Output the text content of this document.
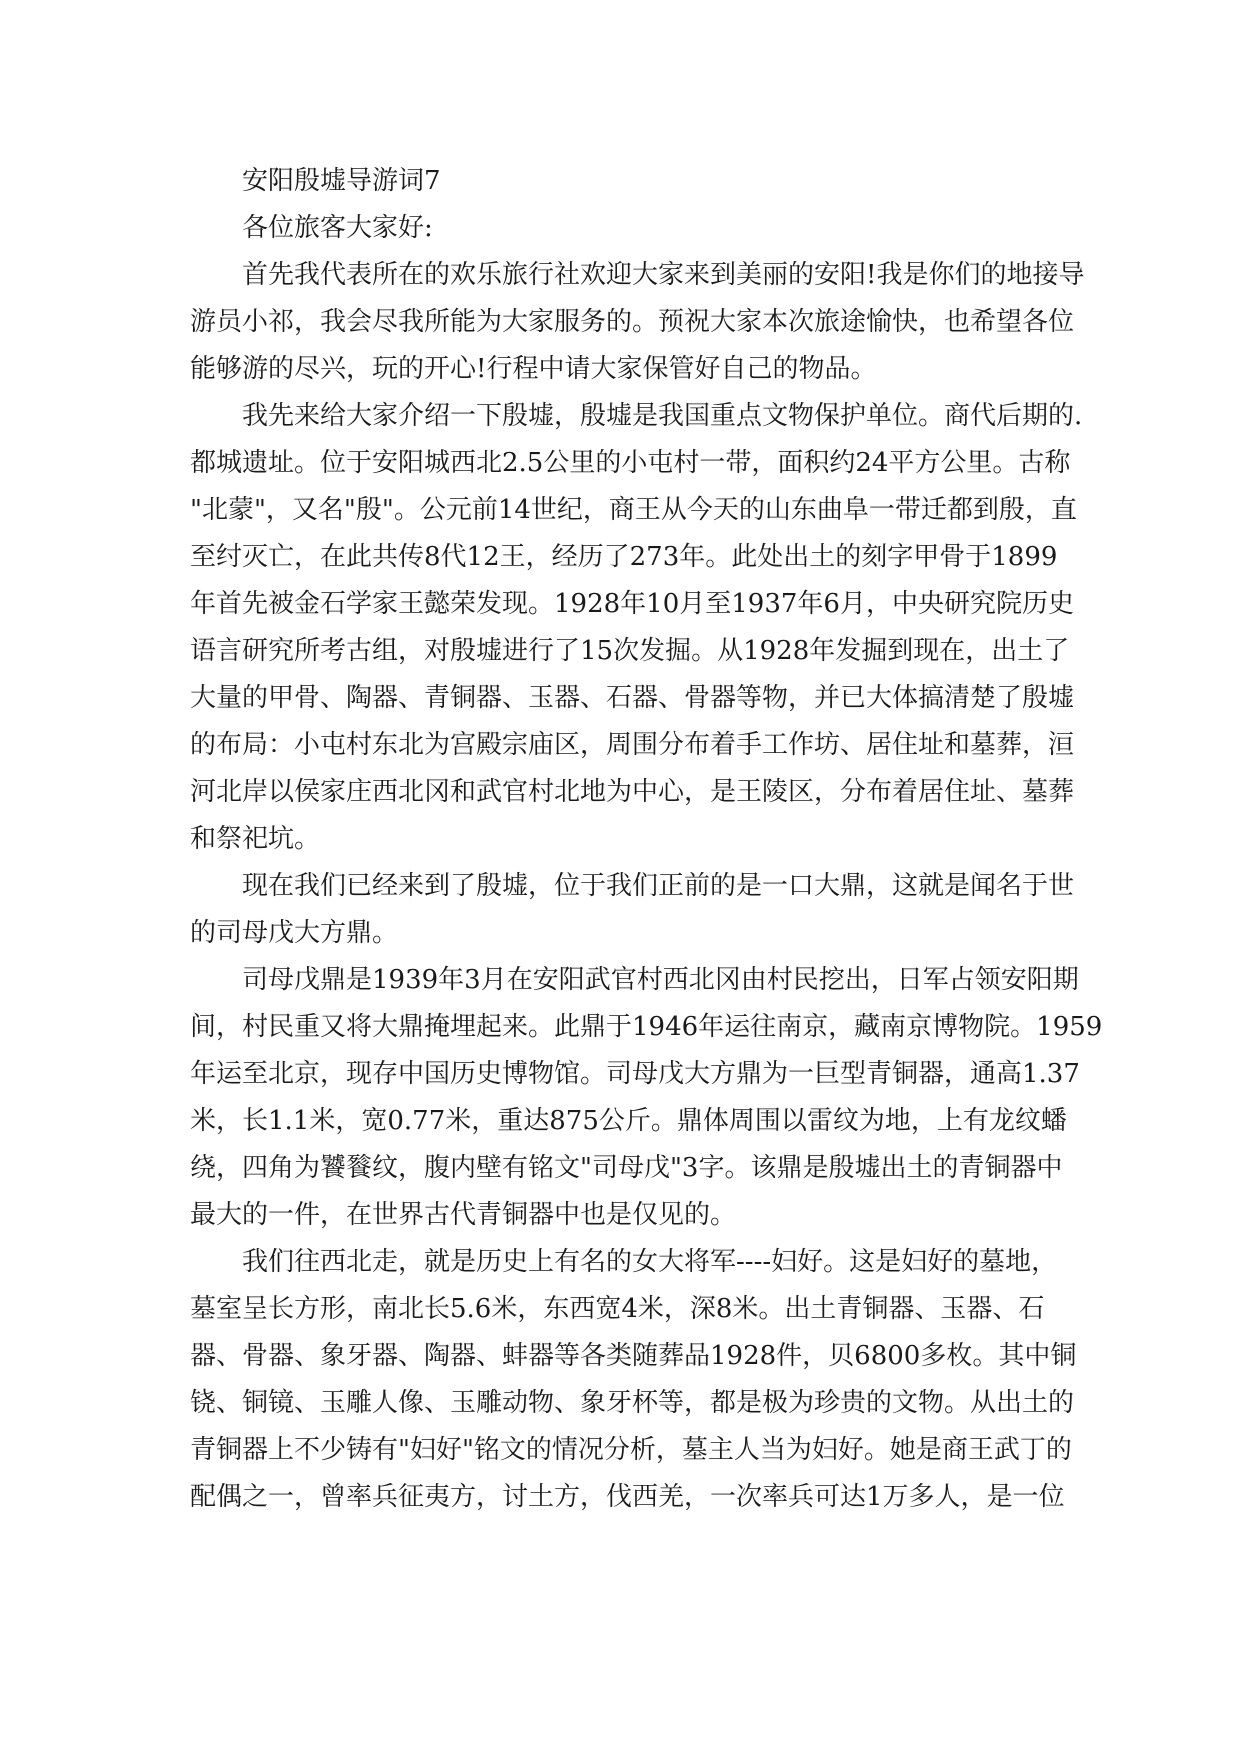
安阳殷墟导游词7

各位旅客大家好:

首先我代表所在的欢乐旅行社欢迎大家来到美丽的安阳!我是你们的地接导

游员小祁，我会尽我所能为大家服务的。预祝大家本次旅途愉快，也希望各位

能够游的尽兴，玩的开心!行程中请大家保管好自己的物品。

我先来给大家介绍一下殷墟，殷墟是我国重点文物保护单位。商代后期的.

都城遗址。位于安阳城西北2.5公里的小屯村一带，面积约24平方公里。古称

"北蒙"，又名"殷"。公元前14世纪，商王从今天的山东曲阜一带迁都到殷，直

至纣灭亡，在此共传8代12王，经历了273年。此处出土的刻字甲骨于1899

年首先被金石学家王懿荣发现。1928年10月至1937年6月，中央研究院历史

语言研究所考古组，对殷墟进行了15次发掘。从1928年发掘到现在，出土了

大量的甲骨、陶器、青铜器、玉器、石器、骨器等物，并已大体搞清楚了殷墟

的布局：小屯村东北为宫殿宗庙区，周围分布着手工作坊、居住址和墓葬，洹

河北岸以侯家庄西北冈和武官村北地为中心，是王陵区，分布着居住址、墓葬

和祭祀坑。

现在我们已经来到了殷墟，位于我们正前的是一口大鼎，这就是闻名于世

的司母戊大方鼎。

司母戊鼎是1939年3月在安阳武官村西北冈由村民挖出，日军占领安阳期

间，村民重又将大鼎掩埋起来。此鼎于1946年运往南京，藏南京博物院。1959

年运至北京，现存中国历史博物馆。司母戊大方鼎为一巨型青铜器，通高1.37

米，长1.1米，宽0.77米，重达875公斤。鼎体周围以雷纹为地，上有龙纹蟠

绕，四角为饕餮纹，腹内壁有铭文"司母戊"3字。该鼎是殷墟出土的青铜器中

最大的一件，在世界古代青铜器中也是仅见的。

我们往西北走，就是历史上有名的女大将军----妇好。这是妇好的墓地，

墓室呈长方形，南北长5.6米，东西宽4米，深8米。出土青铜器、玉器、石

器、骨器、象牙器、陶器、蚌器等各类随葬品1928件，贝6800多枚。其中铜

铙、铜镜、玉雕人像、玉雕动物、象牙杯等，都是极为珍贵的文物。从出土的

青铜器上不少铸有"妇好"铭文的情况分析，墓主人当为妇好。她是商王武丁的

配偶之一，曾率兵征夷方，讨土方，伐西羌，一次率兵可达1万多人，是一位
